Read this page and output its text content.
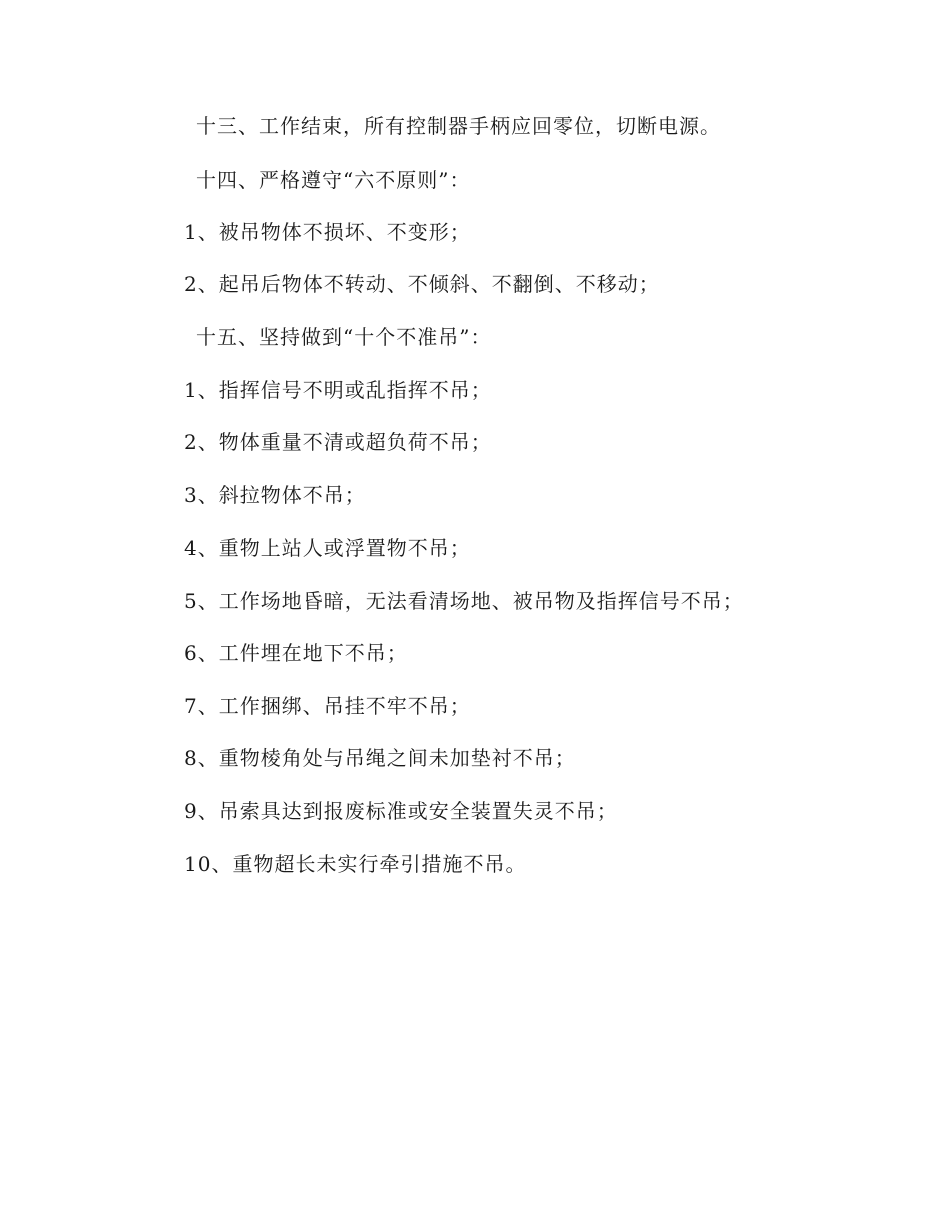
十三、工作结束，所有控制器手柄应回零位，切断电源。
十四、严格遵守“六不原则”：
1、被吊物体不损坏、不变形；
2、起吊后物体不转动、不倾斜、不翻倒、不移动；
十五、坚持做到“十个不准吊”：
1、指挥信号不明或乱指挥不吊；
2、物体重量不清或超负荷不吊；
3、斜拉物体不吊；
4、重物上站人或浮置物不吊；
5、工作场地昏暗，无法看清场地、被吊物及指挥信号不吊；
6、工件埋在地下不吊；
7、工作捆绑、吊挂不牢不吊；
8、重物棱角处与吊绳之间未加垫衬不吊；
9、吊索具达到报废标准或安全装置失灵不吊；
10、重物超长未实行牵引措施不吊。
